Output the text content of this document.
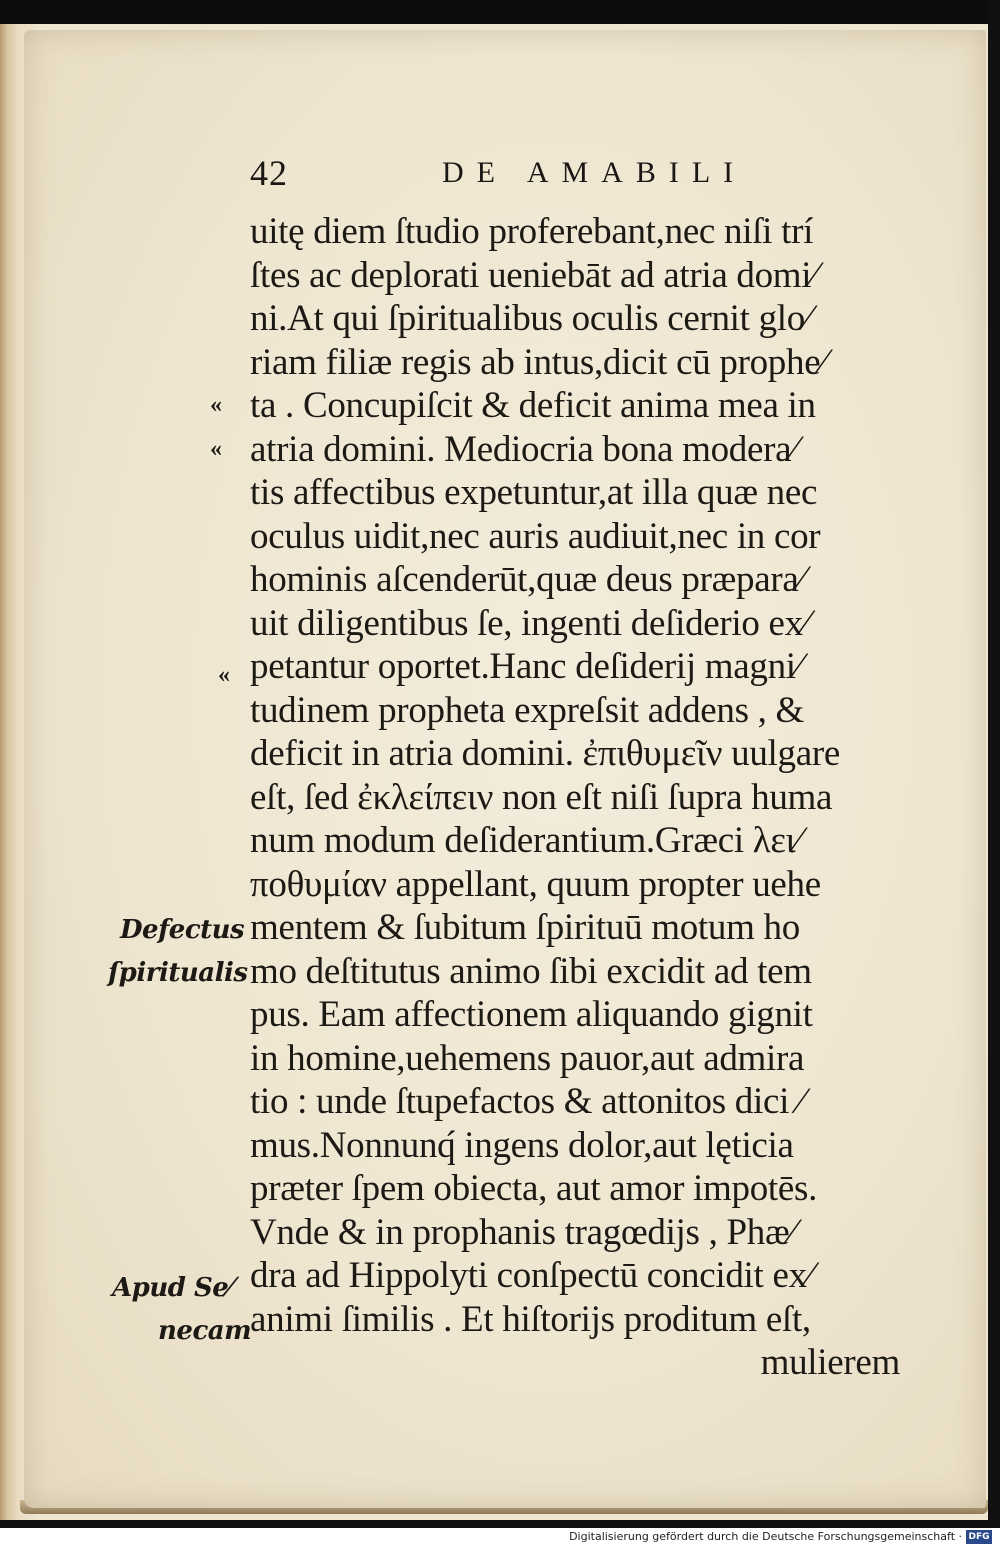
42	DE AMABILI
uitę diem ſtudio proferebant,nec niſi trí
ſtes ac deplorati ueniebāt ad atria domi⁄
ni.At qui ſpiritualibus oculis cernit glo⁄
riam filiæ regis ab intus,dicit cū prophe⁄
ta . Concupiſcit & deficit anima mea in
atria domini. Mediocria bona modera⁄
tis affectibus expetuntur,at illa quæ nec
oculus uidit,nec auris audiuit,nec in cor
hominis aſcenderūt,quæ deus præpara⁄
uit diligentibus ſe, ingenti deſiderio ex⁄
petantur oportet.Hanc deſiderij magni⁄
tudinem propheta expreſsit addens , &
deficit in atria domini. ἐπιθυμεῖν uulgare
eſt, ſed ἐκλείπειν non eſt niſi ſupra huma
num modum deſiderantium.Græci λει⁄
ποθυμίαν appellant, quum propter uehe
mentem & ſubitum ſpirituū motum ho
mo deſtitutus animo ſibi excidit ad tem
pus. Eam affectionem aliquando gignit
in homine,uehemens pauor,aut admira
tio : unde ſtupefactos & attonitos dici ⁄
mus.Nonnunq́ ingens dolor,aut lęticia
præter ſpem obiecta, aut amor impotēs.
Vnde & in prophanis tragœdijs , Phæ⁄
dra ad Hippolyti conſpectū concidit ex⁄
animi ſimilis . Et hiſtorijs proditum eſt,
mulierem
«
«
«
Defectus
ſpiritualis
Apud Se⁄
necam
Digitalisierung gefördert durch die Deutsche Forschungsgemeinschaft · DFG
